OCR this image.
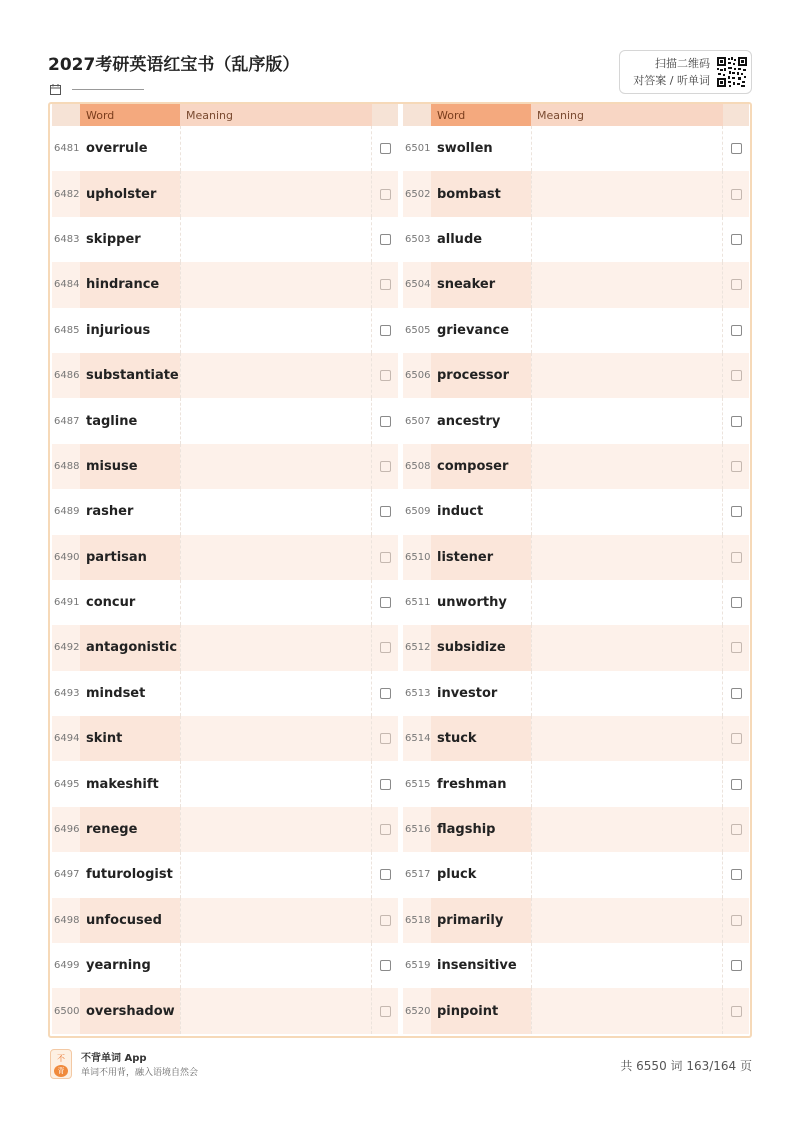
2027考研英语红宝书（乱序版）	扫描二维码
对答案 / 听单词
Word	Meaning
6481 overrule
6482 upholster
6483 skipper
6484 hindrance
6485 injurious
6486 substantiate
6487 tagline
6488 misuse
6489 rasher
6490 partisan
6491 concur
6492 antagonistic
6493 mindset
6494 skint
6495 makeshift
6496 renege
6497 futurologist
6498 unfocused
6499 yearning
6500 overshadow
Word	Meaning
6501 swollen
6502 bombast
6503 allude
6504 sneaker
6505 grievance
6506 processor
6507 ancestry
6508 composer
6509 induct
6510 listener
6511 unworthy
6512 subsidize
6513 investor
6514 stuck
6515 freshman
6516 flagship
6517 pluck
6518 primarily
6519 insensitive
6520 pinpoint
不
背
不背单词 App
单词不用背，融入语境自然会	共 6550 词 163/164 页
